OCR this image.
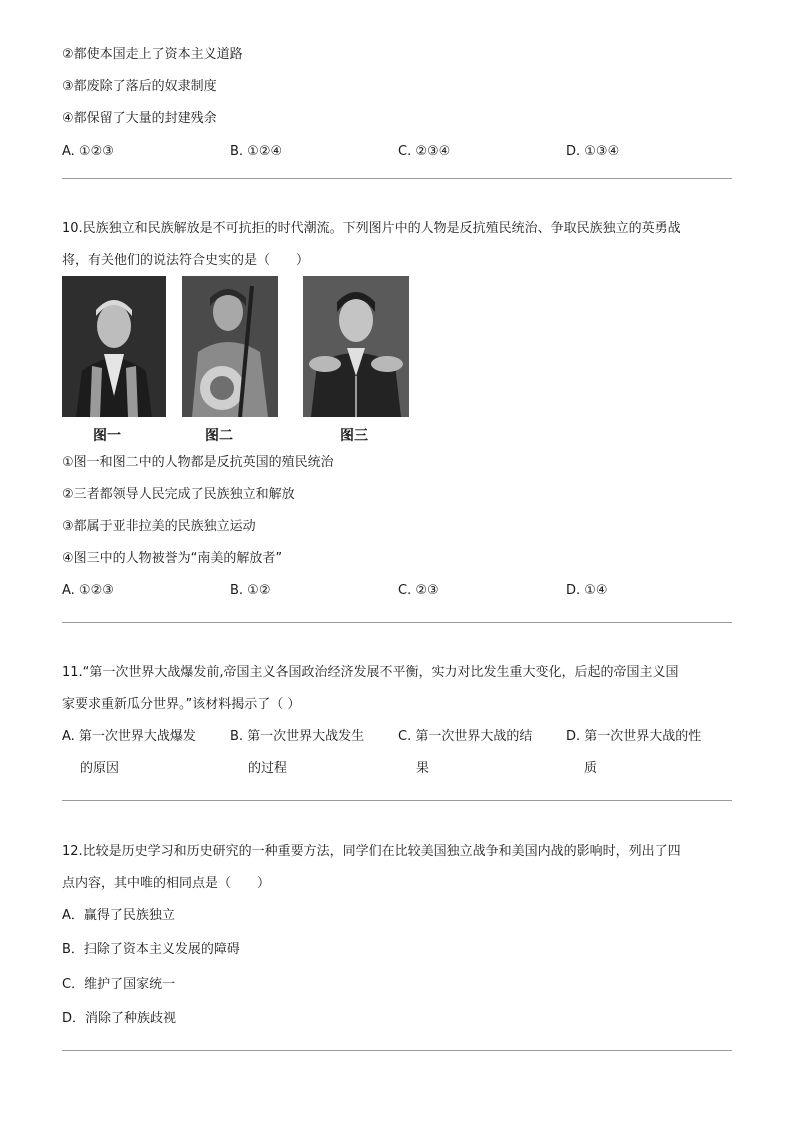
②都使本国走上了资本主义道路
③都废除了落后的奴隶制度
④都保留了大量的封建残余
A. ①②③	B. ①②④	C. ②③④	D. ①③④
10.民族独立和民族解放是不可抗拒的时代潮流。下列图片中的人物是反抗殖民统治、争取民族独立的英勇战
将，有关他们的说法符合史实的是（　　）
图一	图二	图三
①图一和图二中的人物都是反抗英国的殖民统治
②三者都领导人民完成了民族独立和解放
③都属于亚非拉美的民族独立运动
④图三中的人物被誉为“南美的解放者”
A. ①②③	B. ①②	C. ②③	D. ①④
11.“第一次世界大战爆发前,帝国主义各国政治经济发展不平衡，实力对比发生重大变化，后起的帝国主义国
家要求重新瓜分世界。”该材料揭示了（ ）
A. 第一次世界大战爆发
的原因
B. 第一次世界大战发生
的过程
C. 第一次世界大战的结
果
D. 第一次世界大战的性
质
12.比较是历史学习和历史研究的一种重要方法，同学们在比较美国独立战争和美国内战的影响时，列出了四
点内容，其中唯的相同点是（　　）
A．赢得了民族独立
B．扫除了资本主义发展的障碍
C．维护了国家统一
D．消除了种族歧视
